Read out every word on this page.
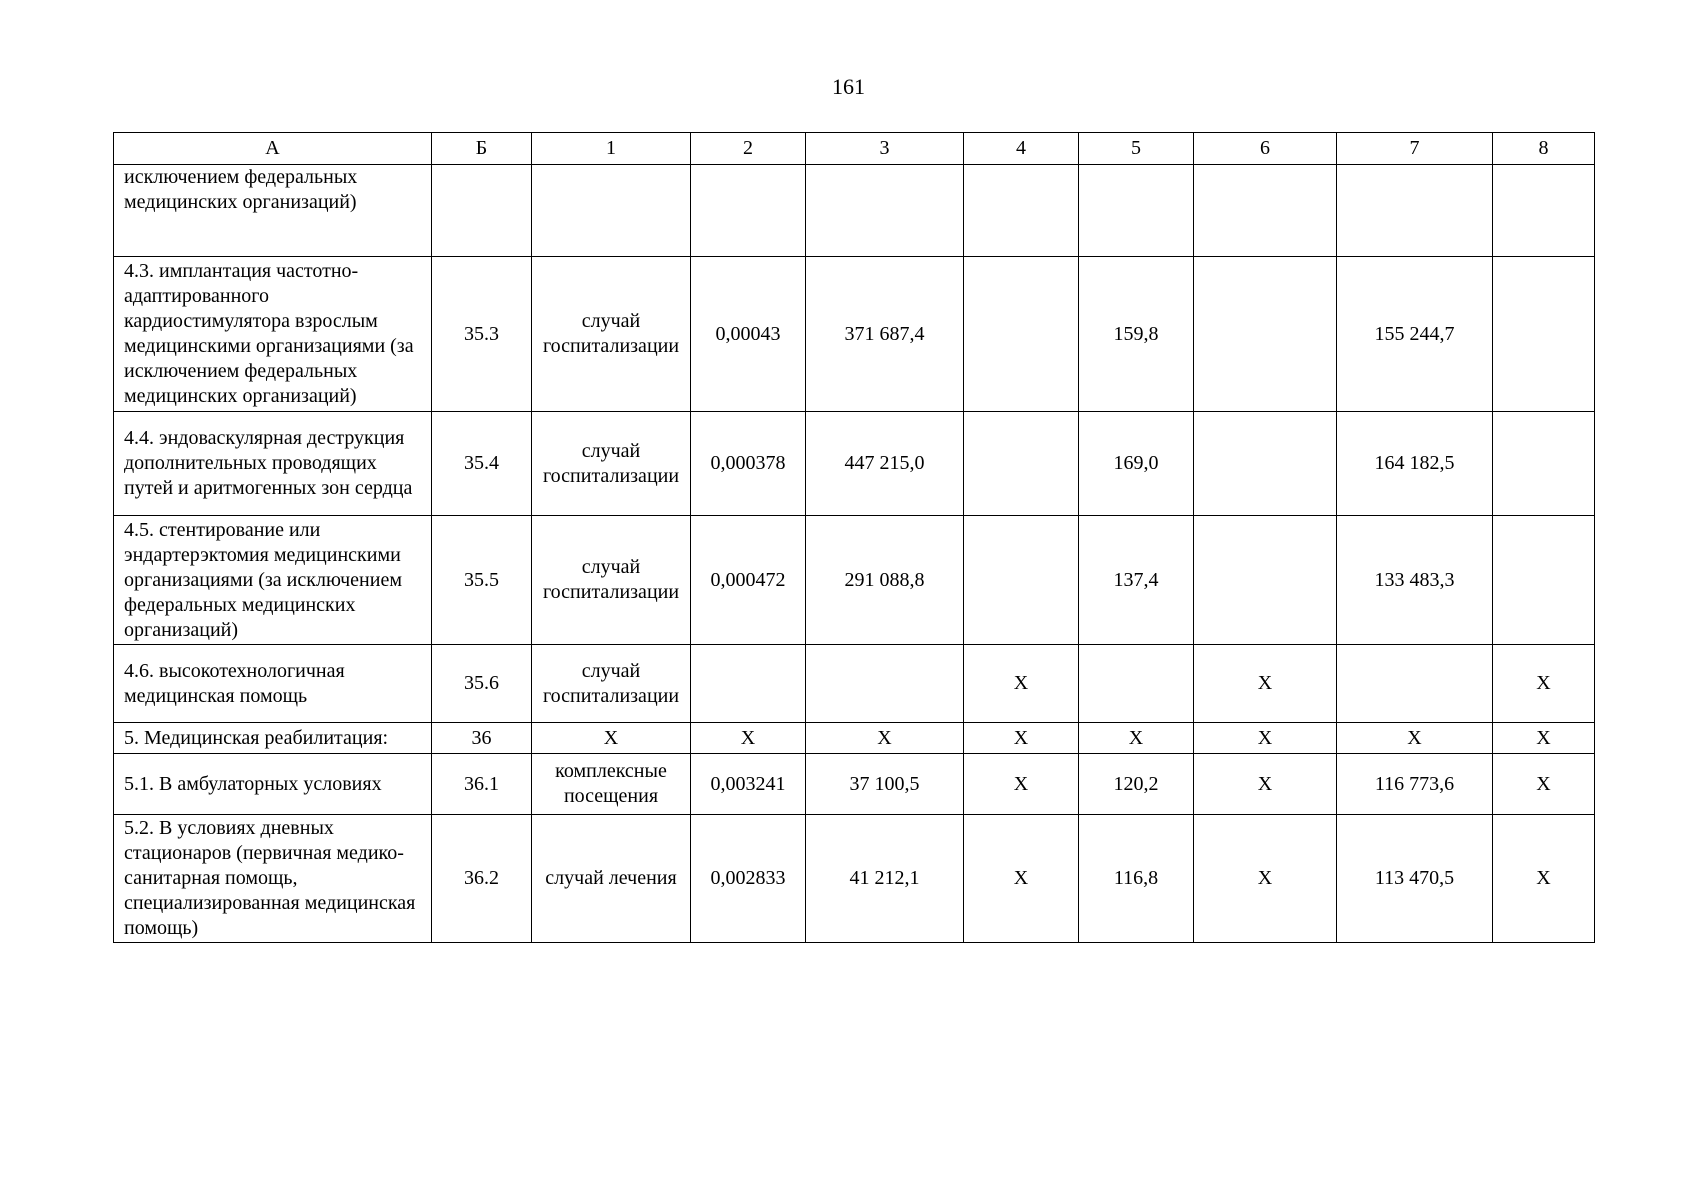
161
А	Б	1	2	3	4	5	6	7	8
исключением федеральных медицинских организаций)									
4.3. имплантация частотно-адаптированного кардиостимулятора взрослым медицинскими организациями (за исключением федеральных медицинских организаций)	35.3	случай госпитализации	0,00043	371 687,4		159,8		155 244,7	
4.4. эндоваскулярная деструкция дополнительных проводящих путей и аритмогенных зон сердца	35.4	случай госпитализации	0,000378	447 215,0		169,0		164 182,5	
4.5. стентирование или эндартерэктомия медицинскими организациями (за исключением федеральных медицинских организаций)	35.5	случай госпитализации	0,000472	291 088,8		137,4		133 483,3	
4.6. высокотехнологичная медицинская помощь	35.6	случай госпитализации			X		X		X
5. Медицинская реабилитация:	36	X	X	X	X	X	X	X	X
5.1. В амбулаторных условиях	36.1	комплексные посещения	0,003241	37 100,5	X	120,2	X	116 773,6	X
5.2. В условиях дневных стационаров (первичная медико-санитарная помощь, специализированная медицинская помощь)	36.2	случай лечения	0,002833	41 212,1	X	116,8	X	113 470,5	X
